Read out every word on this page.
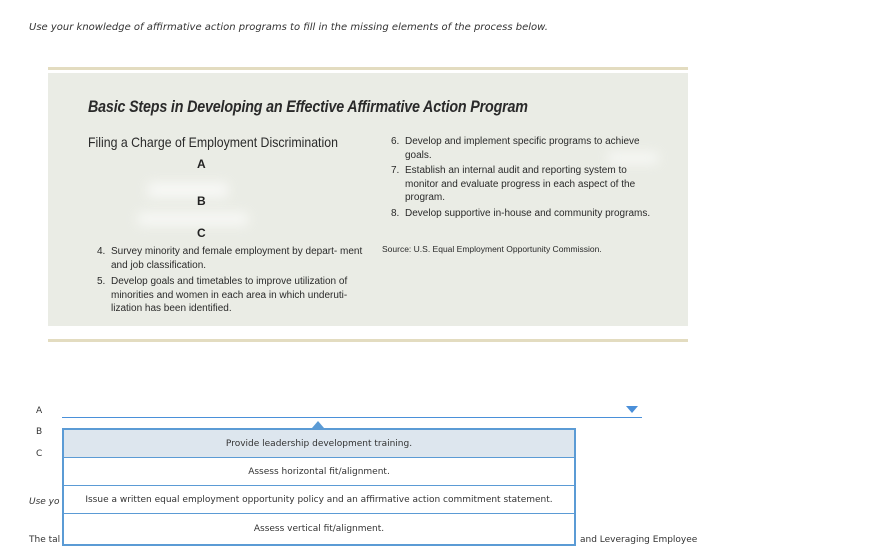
Use your knowledge of affirmative action programs to fill in the missing elements of the process below.
Basic Steps in Developing an Effective Affirmative Action Program
Filing a Charge of Employment Discrimination
A
B
C
4. Survey minority and female employment by depart- ment and job classification.
5. Develop goals and timetables to improve utilization of minorities and women in each area in which underuti- lization has been identified.
6. Develop and implement specific programs to achieve goals.
7. Establish an internal audit and reporting system to monitor and evaluate progress in each aspect of the program.
8. Develop supportive in-house and community programs.
Source: U.S. Equal Employment Opportunity Commission.
A
B
C
Use yo
The tal	and Leveraging Employee
Provide leadership development training.
Assess horizontal fit/alignment.
Issue a written equal employment opportunity policy and an affirmative action commitment statement.
Assess vertical fit/alignment.
